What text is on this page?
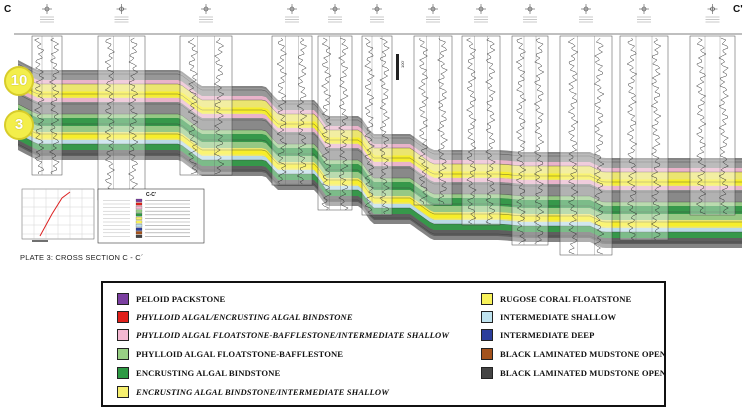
100'
C-C'
C	C'
10
3
PLATE 3: CROSS SECTION C - C´
PELOID PACKSTONE
PHYLLOID ALGAL/ENCRUSTING ALGAL BINDSTONE
PHYLLOID ALGAL FLOATSTONE-BAFFLESTONE/INTERMEDIATE SHALLOW
PHYLLOID ALGAL FLOATSTONE-BAFFLESTONE
ENCRUSTING ALGAL BINDSTONE
ENCRUSTING ALGAL BINDSTONE/INTERMEDIATE SHALLOW
RUGOSE CORAL FLOATSTONE
INTERMEDIATE SHALLOW
INTERMEDIATE DEEP
BLACK LAMINATED MUDSTONE OPEN
BLACK LAMINATED MUDSTONE OPEN
